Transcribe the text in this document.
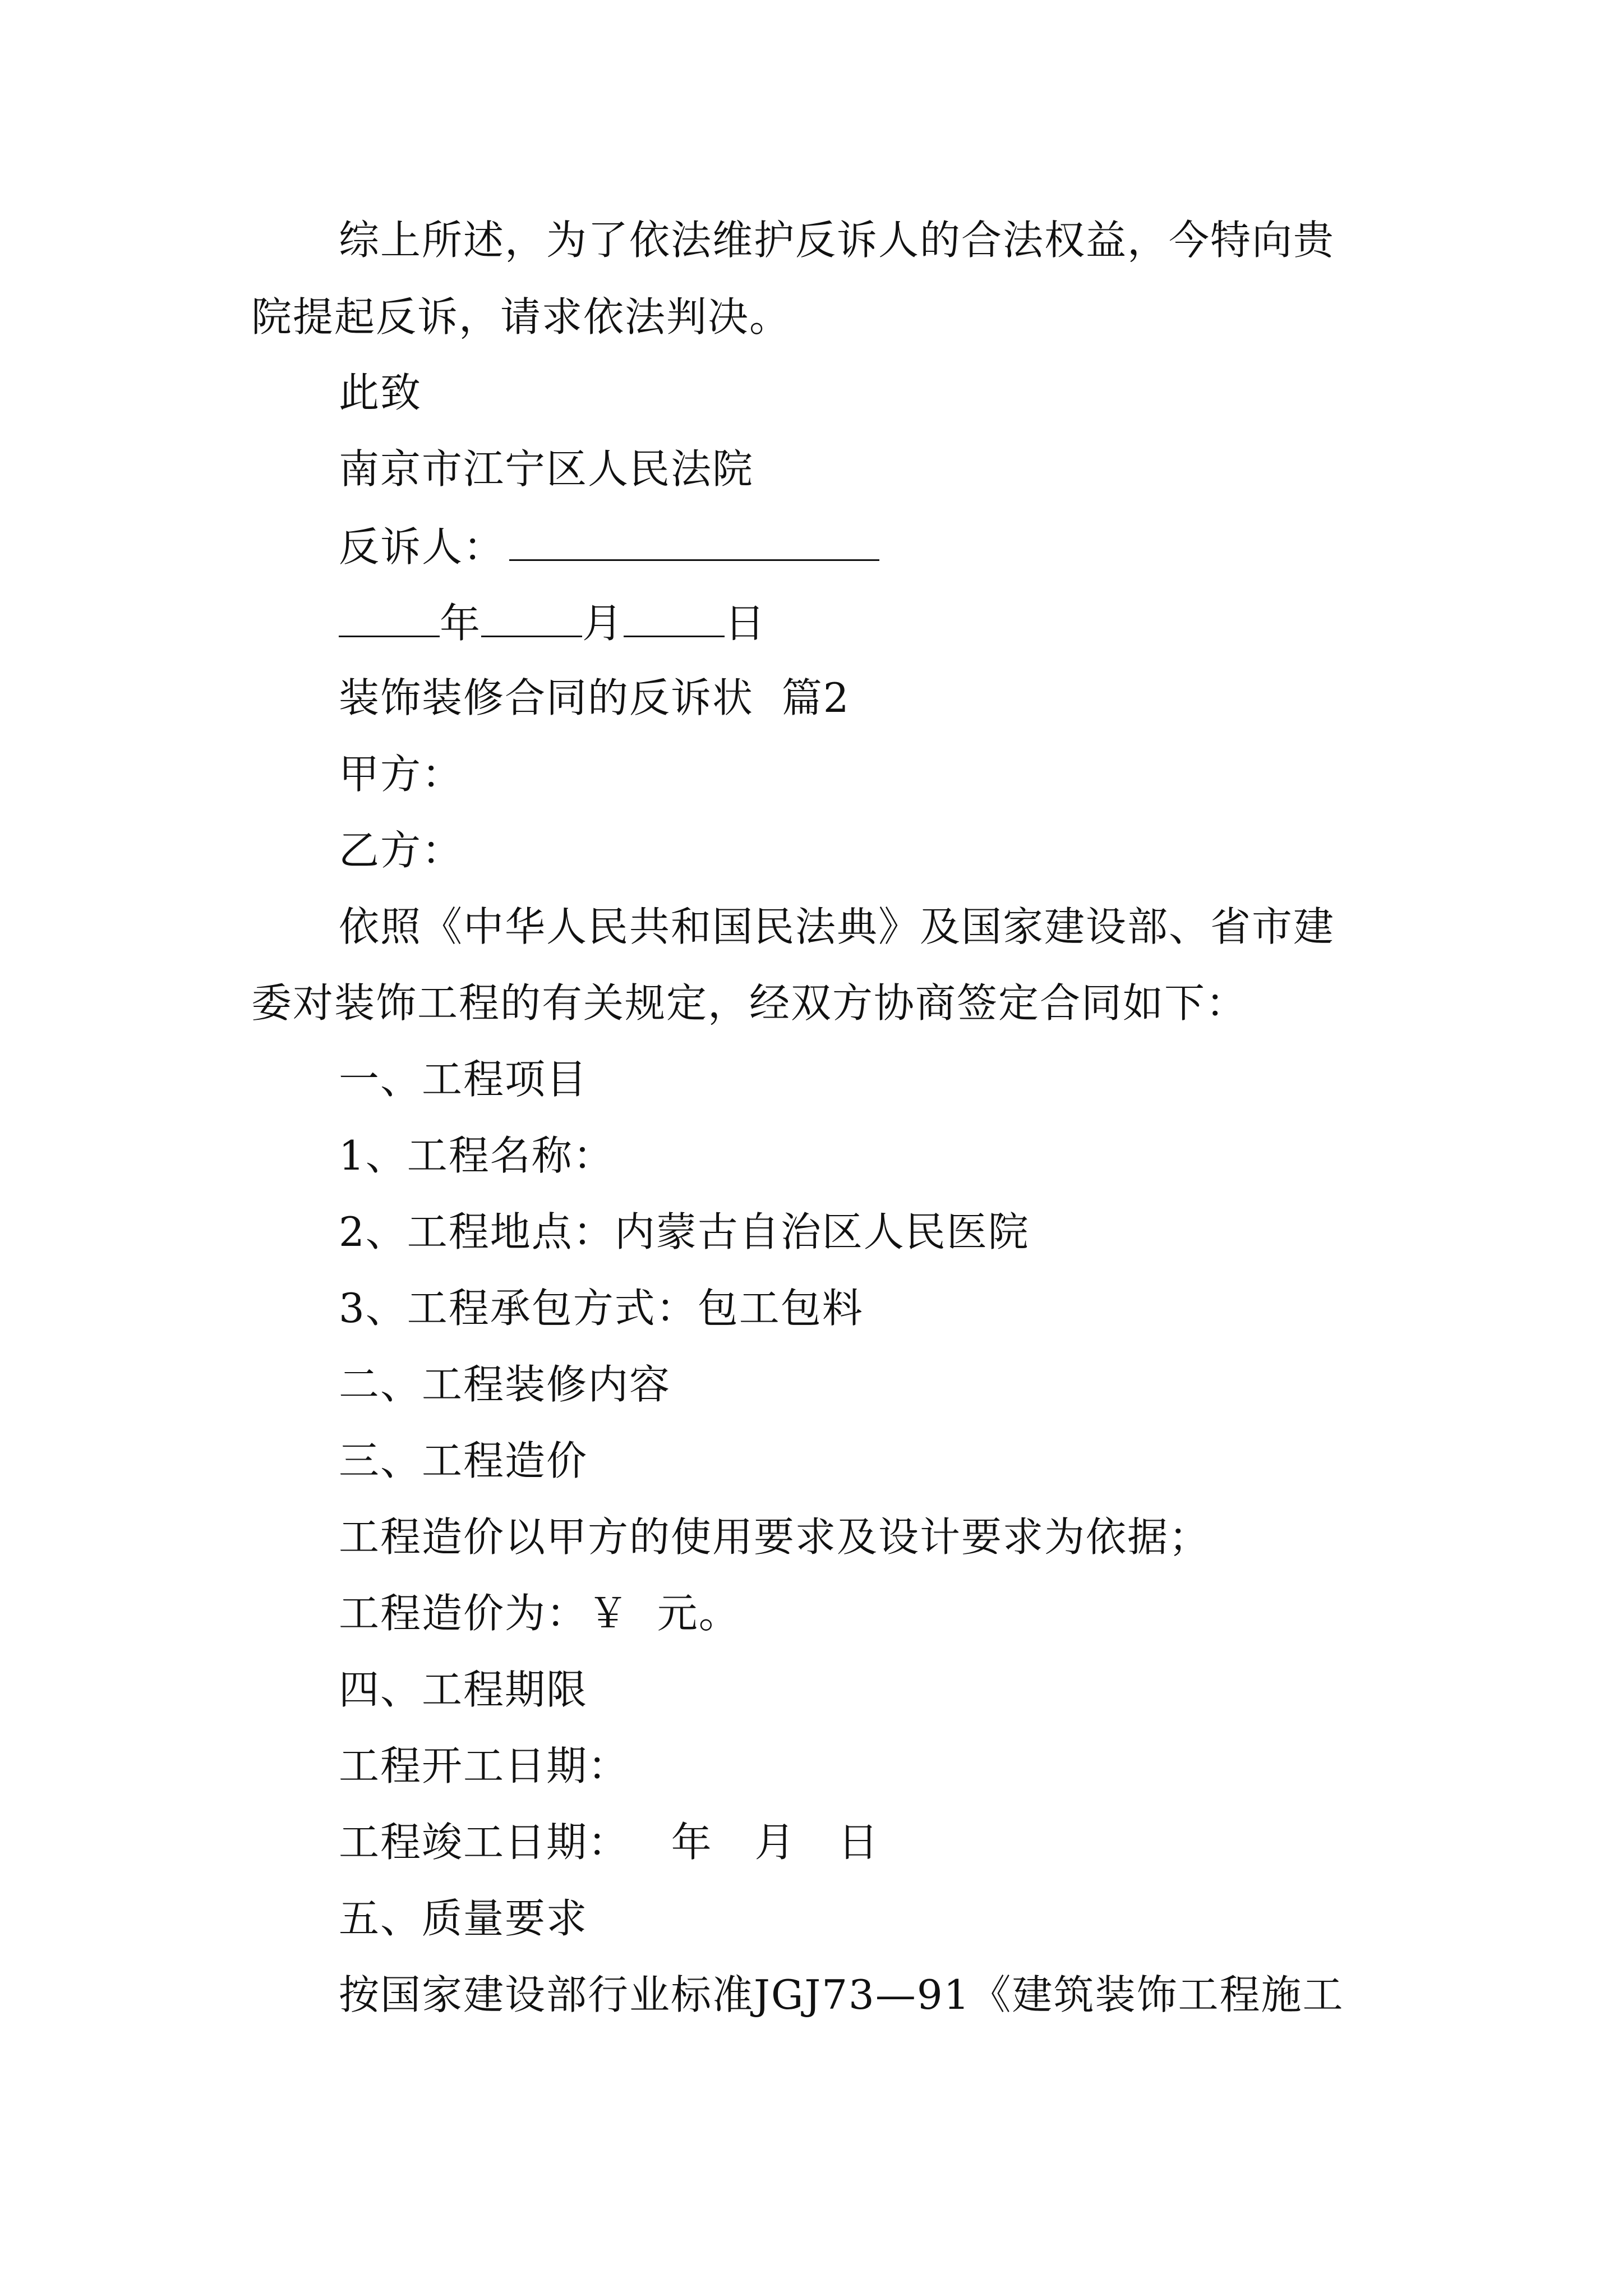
综上所述，为了依法维护反诉人的合法权益，今特向贵
院提起反诉，请求依法判决。
此致
南京市江宁区人民法院
反诉人：
年	月	日
装饰装修合同的反诉状  篇2
甲方：
乙方：
依照《中华人民共和国民法典》及国家建设部、省市建
委对装饰工程的有关规定，经双方协商签定合同如下：
一、工程项目
1、工程名称：
2、工程地点：内蒙古自治区人民医院
3、工程承包方式：包工包料
二、工程装修内容
三、工程造价
工程造价以甲方的使用要求及设计要求为依据；
工程造价为：￥  元。
四、工程期限
工程开工日期：
工程竣工日期：   年   月   日
五、质量要求
按国家建设部行业标准JGJ73—91《建筑装饰工程施工
